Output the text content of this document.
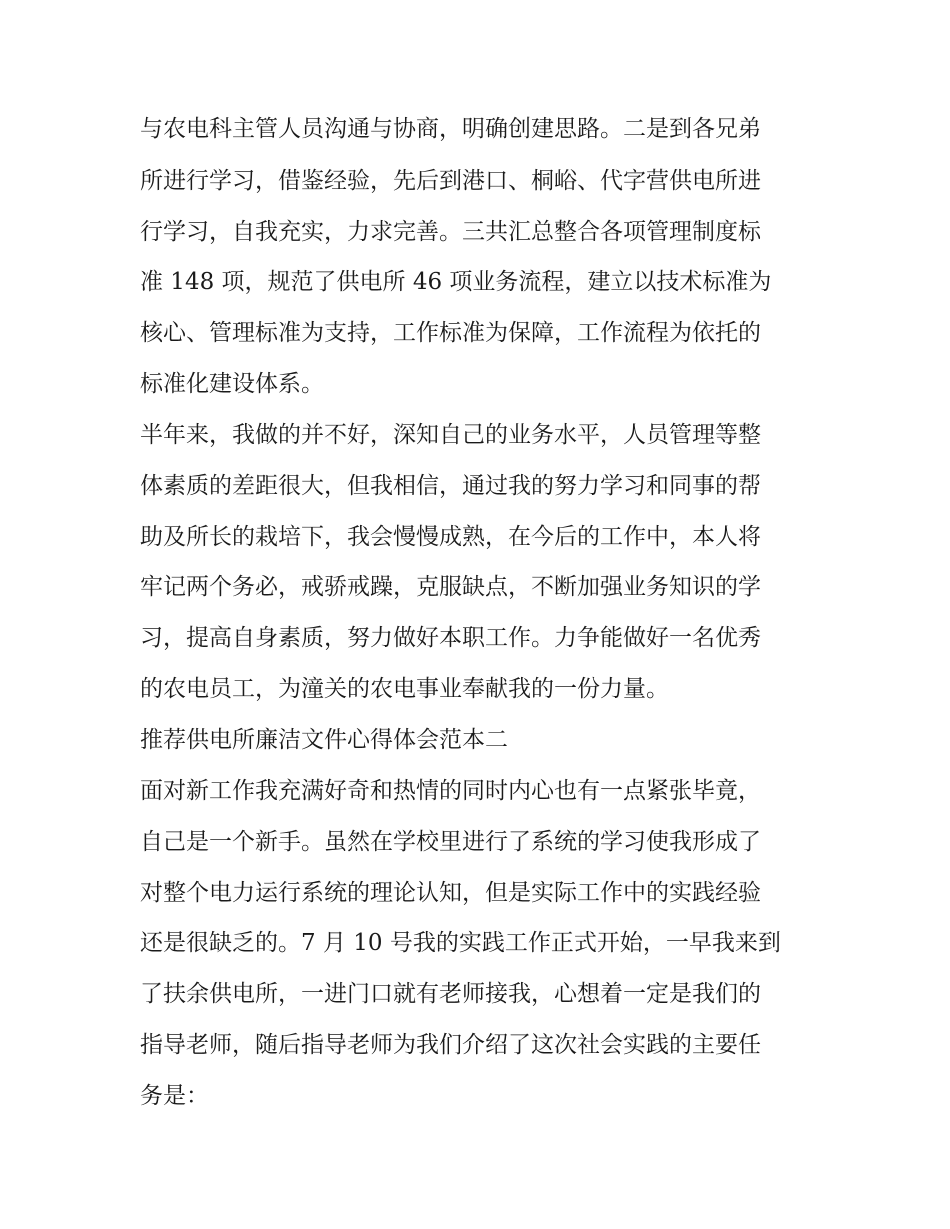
与农电科主管人员沟通与协商，明确创建思路。二是到各兄弟
所进行学习，借鉴经验，先后到港口、桐峪、代字营供电所进
行学习，自我充实，力求完善。三共汇总整合各项管理制度标
准 148 项，规范了供电所 46 项业务流程，建立以技术标准为
核心、管理标准为支持，工作标准为保障，工作流程为依托的
标准化建设体系。
半年来，我做的并不好，深知自己的业务水平，人员管理等整
体素质的差距很大，但我相信，通过我的努力学习和同事的帮
助及所长的栽培下，我会慢慢成熟，在今后的工作中，本人将
牢记两个务必，戒骄戒躁，克服缺点，不断加强业务知识的学
习，提高自身素质，努力做好本职工作。力争能做好一名优秀
的农电员工，为潼关的农电事业奉献我的一份力量。
推荐供电所廉洁文件心得体会范本二
面对新工作我充满好奇和热情的同时内心也有一点紧张毕竟，
自己是一个新手。虽然在学校里进行了系统的学习使我形成了
对整个电力运行系统的理论认知，但是实际工作中的实践经验
还是很缺乏的。7 月 10 号我的实践工作正式开始，一早我来到
了扶余供电所，一进门口就有老师接我，心想着一定是我们的
指导老师，随后指导老师为我们介绍了这次社会实践的主要任
务是：
